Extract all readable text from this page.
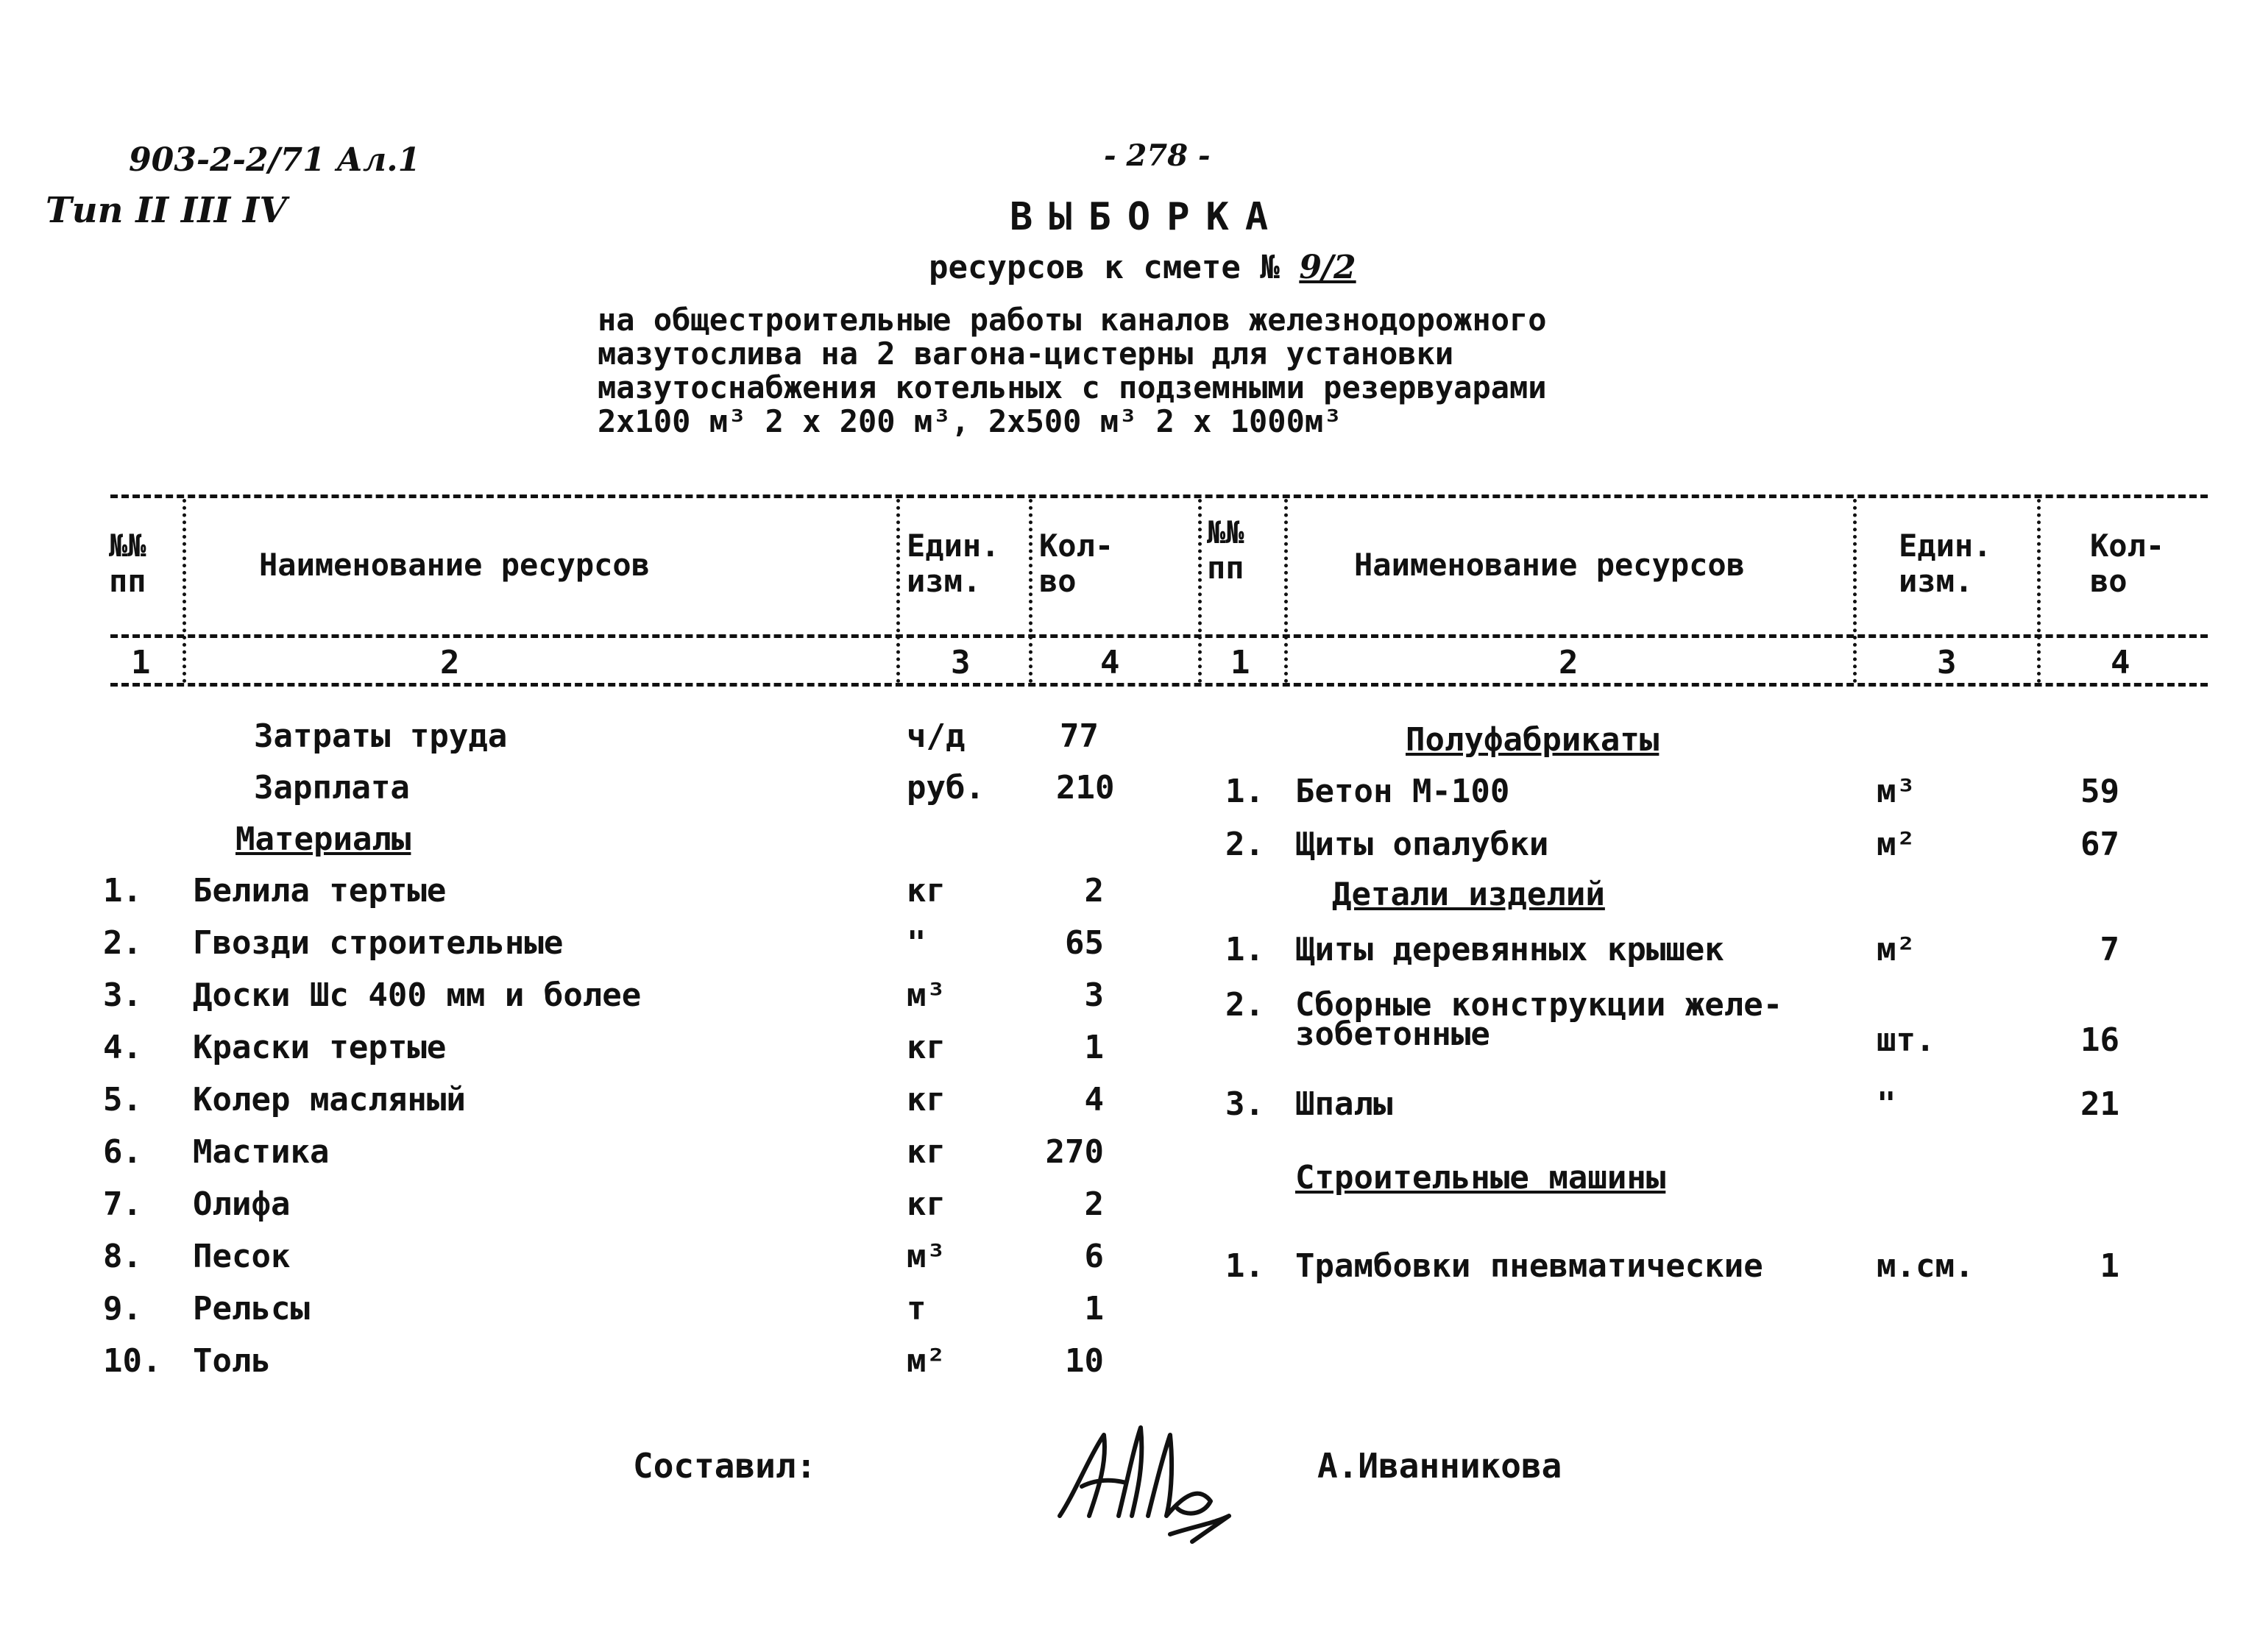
903-2-2/71 Ал.1
Тип II III IV
- 278 -
ВЫБОРКА
ресурсов к смете № 9/2
на общестроительные работы каналов железнодорожного
мазутослива на 2 вагона-цистерны для установки
мазутоснабжения котельных с подземными резервуарами
2х100 м³ 2 х 200 м³, 2х500 м³ 2 х 1000м³
№№
пп	Наименование ресурсов
Един.
изм.
Кол-
во
№№
пп	Наименование ресурсов
Един.
изм.
Кол-
во
1	2	3	4	1	2	3	4
Затраты труда	ч/д	77
Зарплата	руб. 210
Материалы
Полуфабрикаты
Детали изделий
Строительные машины
Составил:	А.Иванникова
1. Белила тертые	кг	2
2. Гвозди строительные	"	65
3. Доски Шс 400 мм и более	м³	3
4. Краски тертые	кг	1
5. Колер масляный	кг	4
6. Мастика	кг	270
7. Олифа	кг	2
8. Песок	м³	6
9. Рельсы	т	1
10. Толь	м²	10
1. Бетон М-100	м³	59
2. Щиты опалубки	м²	67
1. Щиты деревянных крышек	м²	7
2. Сборные конструкции желе-
зобетонные	шт.	16
3. Шпалы	"	21
1. Трамбовки пневматические	м.см.	1
